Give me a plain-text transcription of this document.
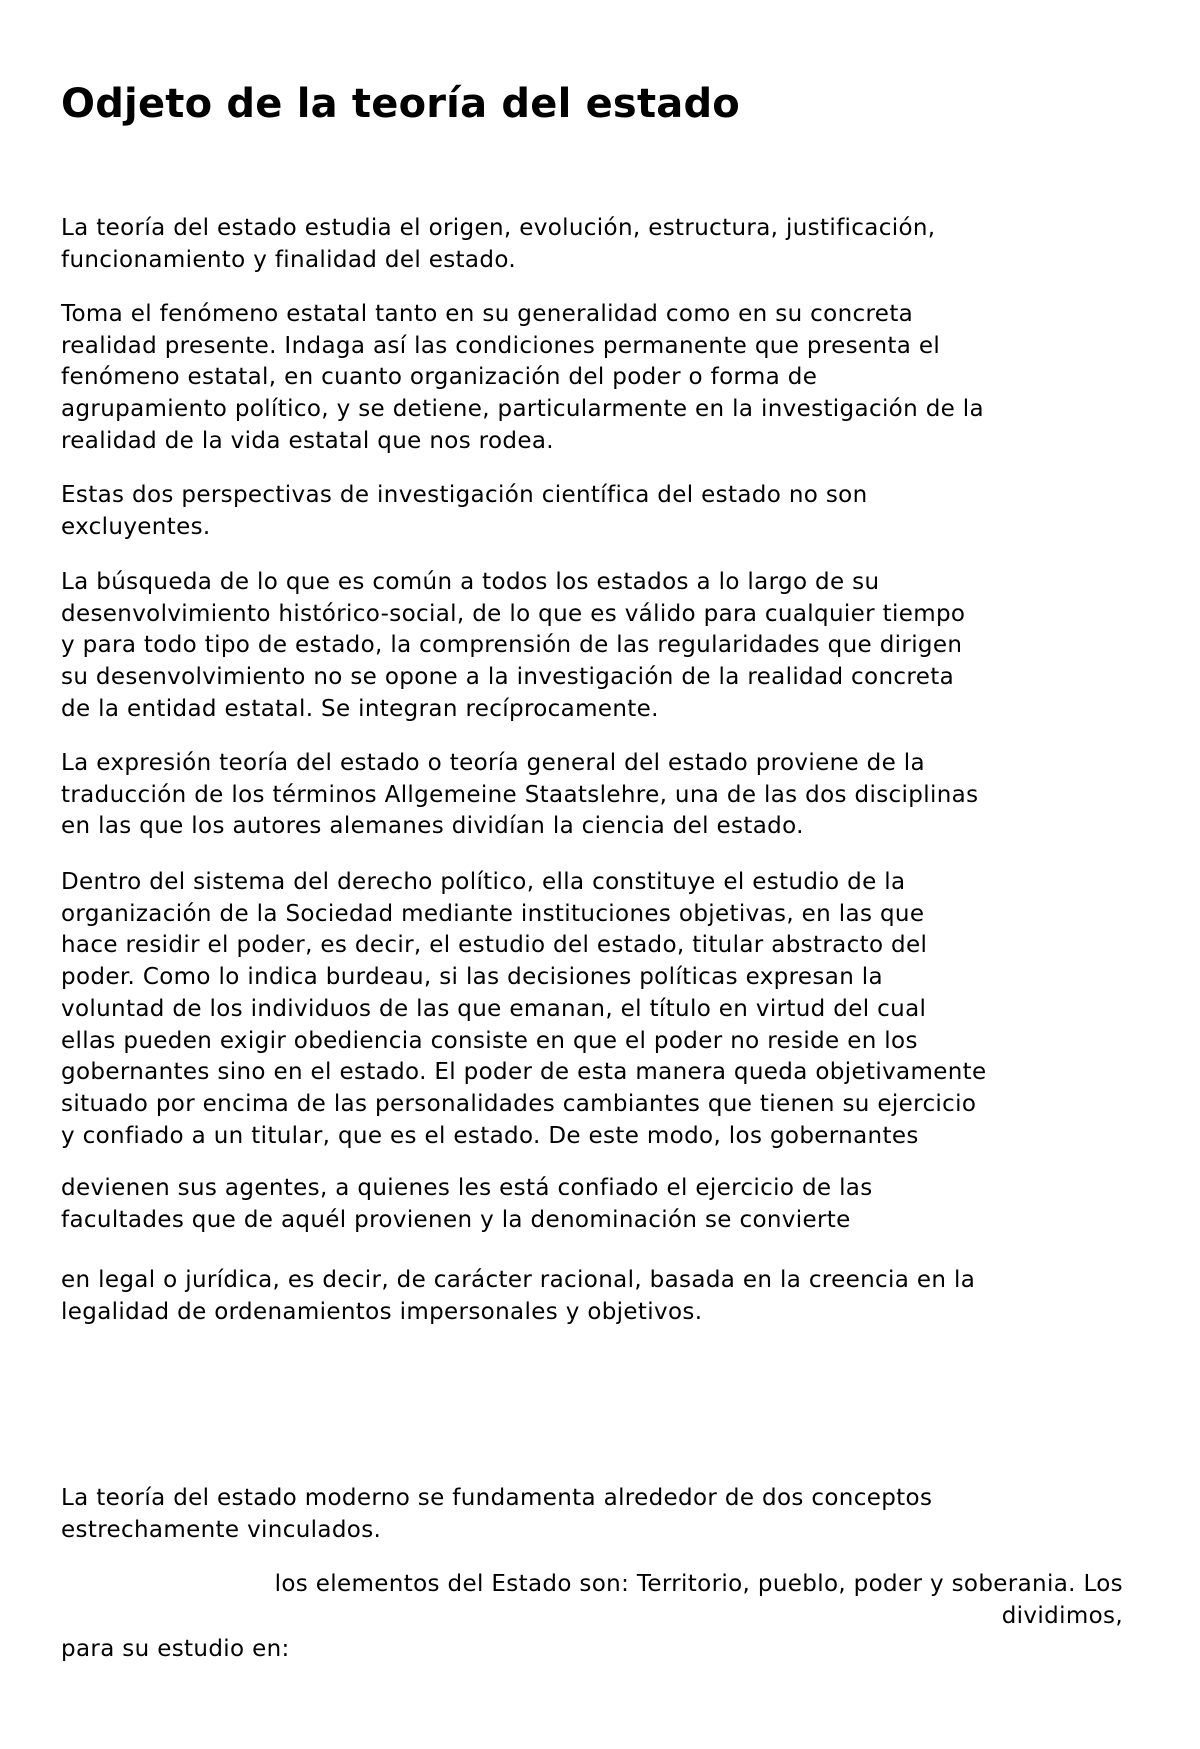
Odjeto de la teoría del estado

La teoría del estado estudia el origen, evolución, estructura, justificación,
funcionamiento y finalidad del estado.

Toma el fenómeno estatal tanto en su generalidad como en su concreta
realidad presente. Indaga así las condiciones permanente que presenta el
fenómeno estatal, en cuanto organización del poder o forma de
agrupamiento político, y se detiene, particularmente en la investigación de la
realidad de la vida estatal que nos rodea.

Estas dos perspectivas de investigación científica del estado no son
excluyentes.

La búsqueda de lo que es común a todos los estados a lo largo de su
desenvolvimiento histórico-social, de lo que es válido para cualquier tiempo
y para todo tipo de estado, la comprensión de las regularidades que dirigen
su desenvolvimiento no se opone a la investigación de la realidad concreta
de la entidad estatal. Se integran recíprocamente.

La expresión teoría del estado o teoría general del estado proviene de la
traducción de los términos Allgemeine Staatslehre, una de las dos disciplinas
en las que los autores alemanes dividían la ciencia del estado.

Dentro del sistema del derecho político, ella constituye el estudio de la
organización de la Sociedad mediante instituciones objetivas, en las que
hace residir el poder, es decir, el estudio del estado, titular abstracto del
poder. Como lo indica burdeau, si las decisiones políticas expresan la
voluntad de los individuos de las que emanan, el título en virtud del cual
ellas pueden exigir obediencia consiste en que el poder no reside en los
gobernantes sino en el estado. El poder de esta manera queda objetivamente
situado por encima de las personalidades cambiantes que tienen su ejercicio
y confiado a un titular, que es el estado. De este modo, los gobernantes

devienen sus agentes, a quienes les está confiado el ejercicio de las
facultades que de aquél provienen y la denominación se convierte

en legal o jurídica, es decir, de carácter racional, basada en la creencia en la
legalidad de ordenamientos impersonales y objetivos.

La teoría del estado moderno se fundamenta alrededor de dos conceptos
estrechamente vinculados.

los elementos del Estado son: Territorio, pueblo, poder y soberania. Los
dividimos,
para su estudio en:
